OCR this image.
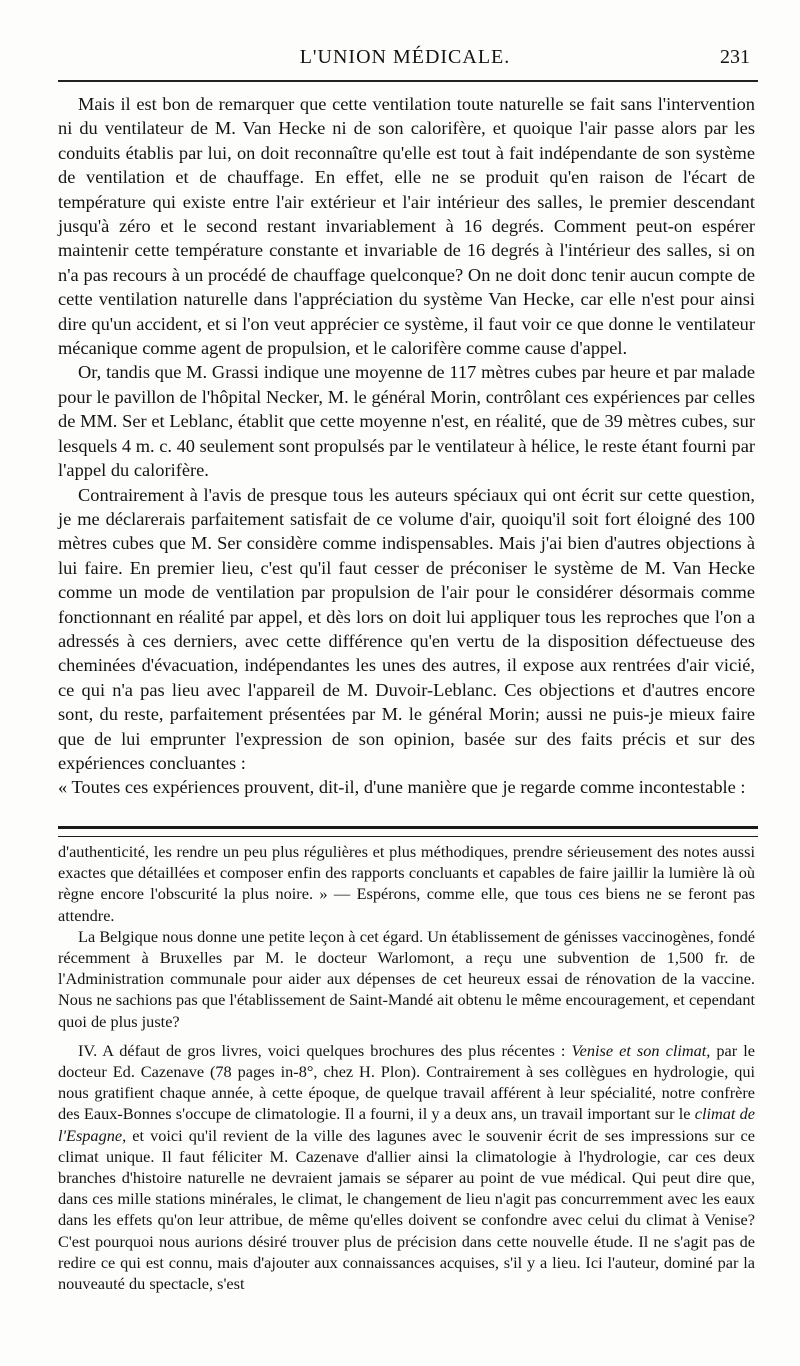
L'UNION MÉDICALE.	231

Mais il est bon de remarquer que cette ventilation toute naturelle se fait sans l'intervention ni du ventilateur de M. Van Hecke ni de son calorifère, et quoique l'air passe alors par les conduits établis par lui, on doit reconnaître qu'elle est tout à fait indépendante de son système de ventilation et de chauffage. En effet, elle ne se produit qu'en raison de l'écart de température qui existe entre l'air extérieur et l'air intérieur des salles, le premier descendant jusqu'à zéro et le second restant invariablement à 16 degrés. Comment peut-on espérer maintenir cette température constante et invariable de 16 degrés à l'intérieur des salles, si on n'a pas recours à un procédé de chauffage quelconque? On ne doit donc tenir aucun compte de cette ventilation naturelle dans l'appréciation du système Van Hecke, car elle n'est pour ainsi dire qu'un accident, et si l'on veut apprécier ce système, il faut voir ce que donne le ventilateur mécanique comme agent de propulsion, et le calorifère comme cause d'appel.

Or, tandis que M. Grassi indique une moyenne de 117 mètres cubes par heure et par malade pour le pavillon de l'hôpital Necker, M. le général Morin, contrôlant ces expériences par celles de MM. Ser et Leblanc, établit que cette moyenne n'est, en réalité, que de 39 mètres cubes, sur lesquels 4 m. c. 40 seulement sont propulsés par le ventilateur à hélice, le reste étant fourni par l'appel du calorifère.

Contrairement à l'avis de presque tous les auteurs spéciaux qui ont écrit sur cette question, je me déclarerais parfaitement satisfait de ce volume d'air, quoiqu'il soit fort éloigné des 100 mètres cubes que M. Ser considère comme indispensables. Mais j'ai bien d'autres objections à lui faire. En premier lieu, c'est qu'il faut cesser de préconiser le système de M. Van Hecke comme un mode de ventilation par propulsion de l'air pour le considérer désormais comme fonctionnant en réalité par appel, et dès lors on doit lui appliquer tous les reproches que l'on a adressés à ces derniers, avec cette différence qu'en vertu de la disposition défectueuse des cheminées d'évacuation, indépendantes les unes des autres, il expose aux rentrées d'air vicié, ce qui n'a pas lieu avec l'appareil de M. Duvoir-Leblanc. Ces objections et d'autres encore sont, du reste, parfaitement présentées par M. le général Morin; aussi ne puis-je mieux faire que de lui emprunter l'expression de son opinion, basée sur des faits précis et sur des expériences concluantes :

« Toutes ces expériences prouvent, dit-il, d'une manière que je regarde comme incontestable :

d'authenticité, les rendre un peu plus régulières et plus méthodiques, prendre sérieusement des notes aussi exactes que détaillées et composer enfin des rapports concluants et capables de faire jaillir la lumière là où règne encore l'obscurité la plus noire. » — Espérons, comme elle, que tous ces biens ne se feront pas attendre.

La Belgique nous donne une petite leçon à cet égard. Un établissement de génisses vaccinogènes, fondé récemment à Bruxelles par M. le docteur Warlomont, a reçu une subvention de 1,500 fr. de l'Administration communale pour aider aux dépenses de cet heureux essai de rénovation de la vaccine. Nous ne sachions pas que l'établissement de Saint-Mandé ait obtenu le même encouragement, et cependant quoi de plus juste?

IV. A défaut de gros livres, voici quelques brochures des plus récentes : Venise et son climat, par le docteur Ed. Cazenave (78 pages in-8°, chez H. Plon). Contrairement à ses collègues en hydrologie, qui nous gratifient chaque année, à cette époque, de quelque travail afférent à leur spécialité, notre confrère des Eaux-Bonnes s'occupe de climatologie. Il a fourni, il y a deux ans, un travail important sur le climat de l'Espagne, et voici qu'il revient de la ville des lagunes avec le souvenir écrit de ses impressions sur ce climat unique. Il faut féliciter M. Cazenave d'allier ainsi la climatologie à l'hydrologie, car ces deux branches d'histoire naturelle ne devraient jamais se séparer au point de vue médical. Qui peut dire que, dans ces mille stations minérales, le climat, le changement de lieu n'agit pas concurremment avec les eaux dans les effets qu'on leur attribue, de même qu'elles doivent se confondre avec celui du climat à Venise? C'est pourquoi nous aurions désiré trouver plus de précision dans cette nouvelle étude. Il ne s'agit pas de redire ce qui est connu, mais d'ajouter aux connaissances acquises, s'il y a lieu. Ici l'auteur, dominé par la nouveauté du spectacle, s'est
